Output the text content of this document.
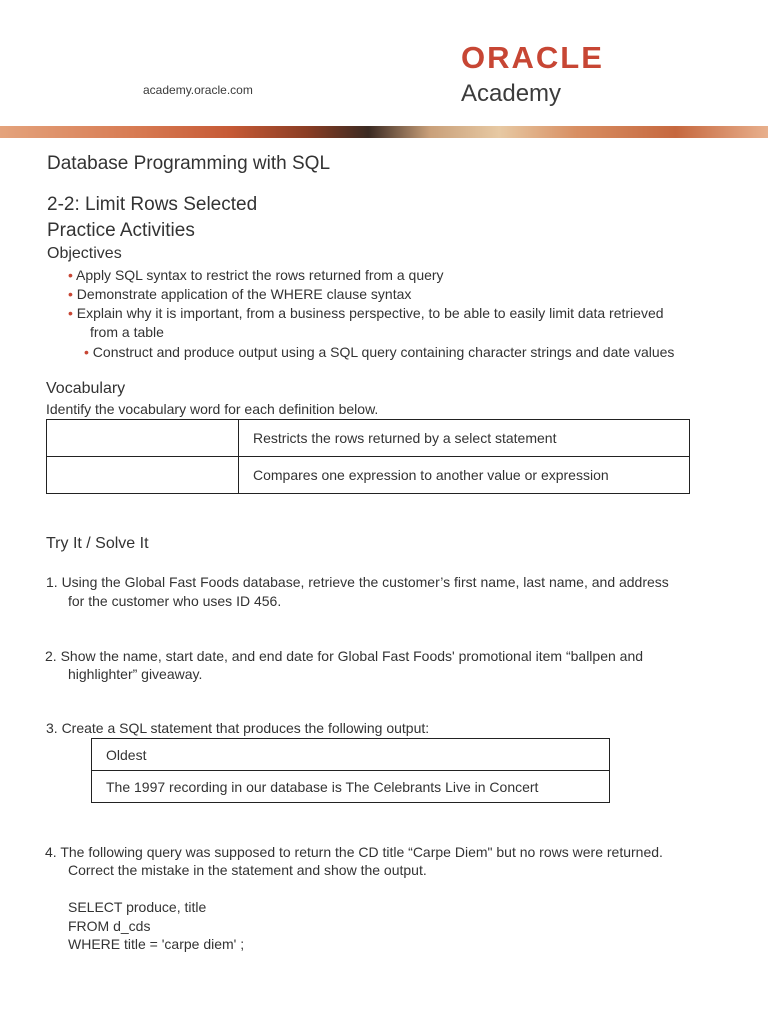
academy.oracle.com
ORACLE
Academy
Database Programming with SQL
2-2: Limit Rows Selected
Practice Activities
Objectives
• Apply SQL syntax to restrict the rows returned from a query
• Demonstrate application of the WHERE clause syntax
• Explain why it is important, from a business perspective, to be able to easily limit data retrieved
from a table
• Construct and produce output using a SQL query containing character strings and date values
Vocabulary
Identify the vocabulary word for each definition below.
	Restricts the rows returned by a select statement
	Compares one expression to another value or expression
Try It / Solve It
1. Using the Global Fast Foods database, retrieve the customer’s first name, last name, and address
for the customer who uses ID 456.
2. Show the name, start date, and end date for Global Fast Foods' promotional item “ballpen and
highlighter” giveaway.
3. Create a SQL statement that produces the following output:
Oldest
The 1997 recording in our database is The Celebrants Live in Concert
4. The following query was supposed to return the CD title “Carpe Diem" but no rows were returned.
Correct the mistake in the statement and show the output.
SELECT produce, title
FROM d_cds
WHERE title = 'carpe diem' ;
